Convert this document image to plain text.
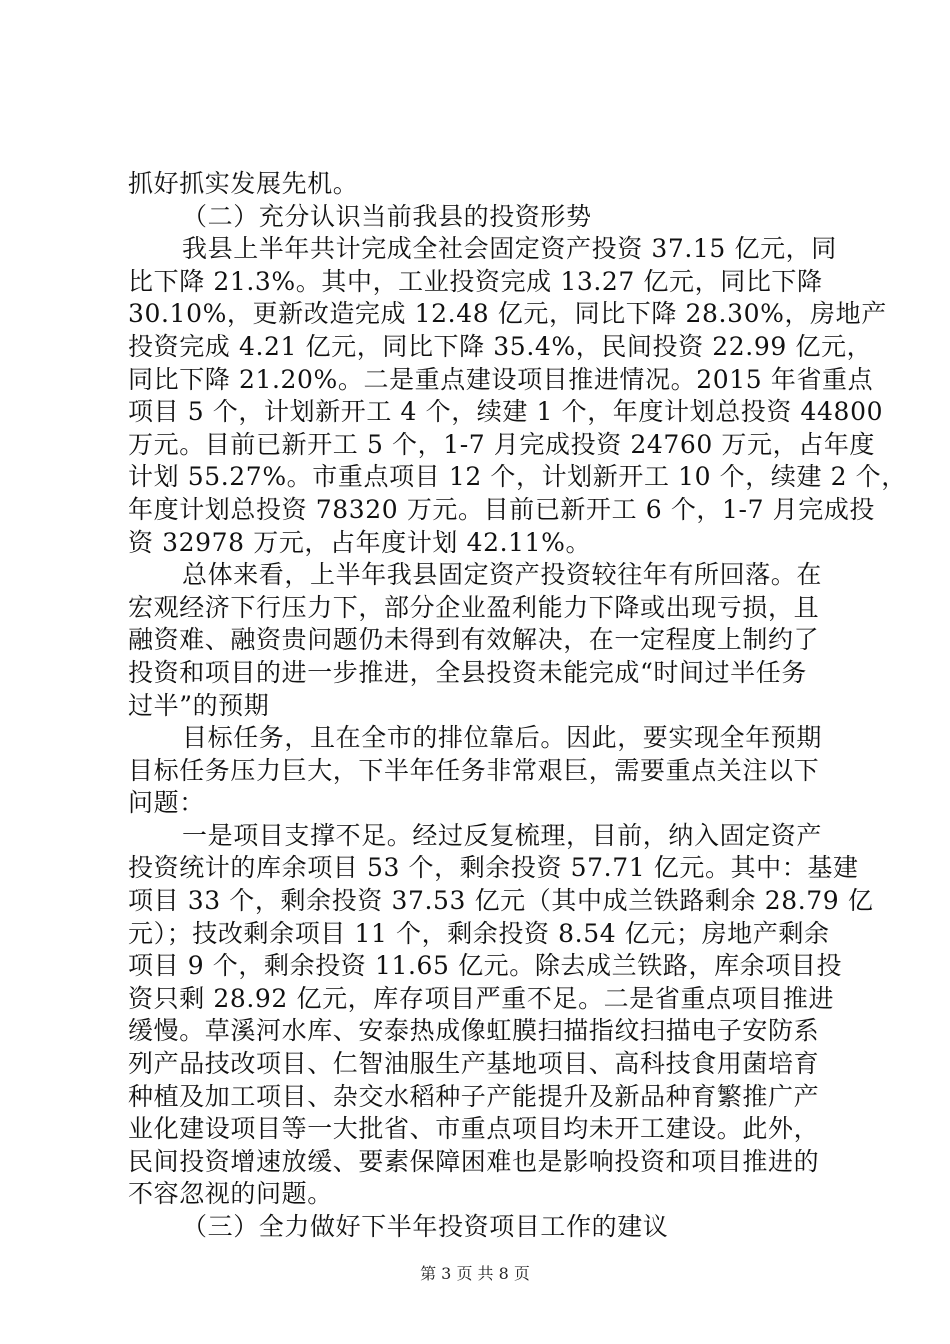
抓好抓实发展先机。
（二）充分认识当前我县的投资形势
我县上半年共计完成全社会固定资产投资 37.15 亿元，同
比下降 21.3%。其中，工业投资完成 13.27 亿元，同比下降
30.10%，更新改造完成 12.48 亿元，同比下降 28.30%，房地产
投资完成 4.21 亿元，同比下降 35.4%，民间投资 22.99 亿元，
同比下降 21.20%。二是重点建设项目推进情况。2015 年省重点
项目 5 个，计划新开工 4 个，续建 1 个，年度计划总投资 44800
万元。目前已新开工 5 个，1-7 月完成投资 24760 万元，占年度
计划 55.27%。市重点项目 12 个，计划新开工 10 个，续建 2 个，
年度计划总投资 78320 万元。目前已新开工 6 个，1-7 月完成投
资 32978 万元，占年度计划 42.11%。
总体来看，上半年我县固定资产投资较往年有所回落。在
宏观经济下行压力下，部分企业盈利能力下降或出现亏损，且
融资难、融资贵问题仍未得到有效解决，在一定程度上制约了
投资和项目的进一步推进，全县投资未能完成“时间过半任务
过半”的预期
目标任务，且在全市的排位靠后。因此，要实现全年预期
目标任务压力巨大，下半年任务非常艰巨，需要重点关注以下
问题：
一是项目支撑不足。经过反复梳理，目前，纳入固定资产
投资统计的库余项目 53 个，剩余投资 57.71 亿元。其中：基建
项目 33 个，剩余投资 37.53 亿元（其中成兰铁路剩余 28.79 亿
元）；技改剩余项目 11 个，剩余投资 8.54 亿元；房地产剩余
项目 9 个，剩余投资 11.65 亿元。除去成兰铁路，库余项目投
资只剩 28.92 亿元，库存项目严重不足。二是省重点项目推进
缓慢。草溪河水库、安泰热成像虹膜扫描指纹扫描电子安防系
列产品技改项目、仁智油服生产基地项目、高科技食用菌培育
种植及加工项目、杂交水稻种子产能提升及新品种育繁推广产
业化建设项目等一大批省、市重点项目均未开工建设。此外，
民间投资增速放缓、要素保障困难也是影响投资和项目推进的
不容忽视的问题。
（三）全力做好下半年投资项目工作的建议
第 3 页 共 8 页
